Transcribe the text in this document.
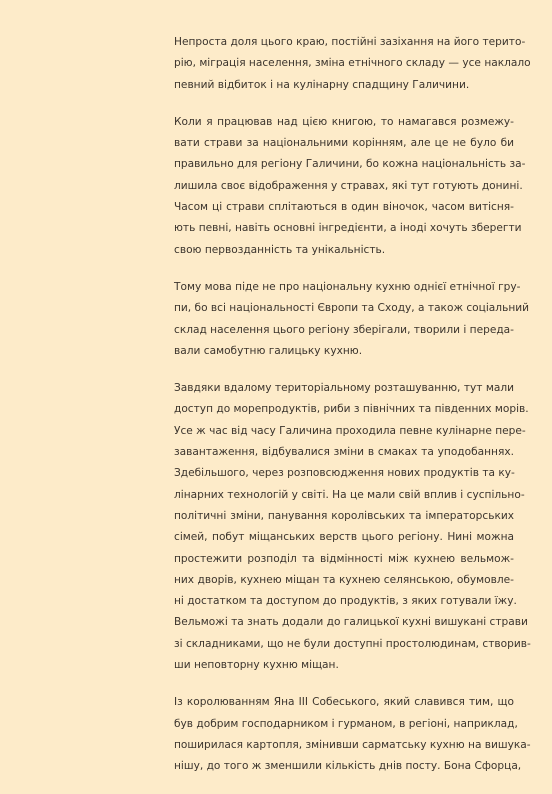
Непроста доля цього краю, постійні зазіхання на його терито-
рію, міграція населення, зміна етнічного складу — усе наклало
певний відбиток і на кулінарну спадщину Галичини.

Коли я працював над цією книгою, то намагався розмежу-
вати страви за національними корінням, але це не було би
правильно для регіону Галичини, бо кожна національність за-
лишила своє відображення у стравах, які тут готують донині.
Часом ці страви сплітаються в один віночок, часом витісня-
ють певні, навіть основні інгредієнти, а іноді хочуть зберегти
свою первозданність та унікальність.

Тому мова піде не про національну кухню однієї етнічної гру-
пи, бо всі національності Європи та Сходу, а також соціальний
склад населення цього регіону зберігали, творили і переда-
вали самобутню галицьку кухню.

Завдяки вдалому територіальному розташуванню, тут мали
доступ до морепродуктів, риби з північних та південних морів.
Усе ж час від часу Галичина проходила певне кулінарне пере-
завантаження, відбувалися зміни в смаках та уподобаннях.
Здебільшого, через розповсюдження нових продуктів та ку-
лінарних технологій у світі. На це мали свій вплив і суспільно-
політичні зміни, панування королівських та імператорських
сімей, побут міщанських верств цього регіону. Нині можна
простежити розподіл та відмінності між кухнею вельмож-
них дворів, кухнею міщан та кухнею селянською, обумовле-
ні достатком та доступом до продуктів, з яких готували їжу.
Вельможі та знать додали до галицької кухні вишукані страви
зі складниками, що не були доступні простолюдинам, створив-
ши неповторну кухню міщан.

Із королюванням Яна III Собеського, який славився тим, що
був добрим господарником і гурманом, в регіоні, наприклад,
поширилася картопля, змінивши сарматську кухню на вишука-
нішу, до того ж зменшили кількість днів посту. Бона Сфорца,
